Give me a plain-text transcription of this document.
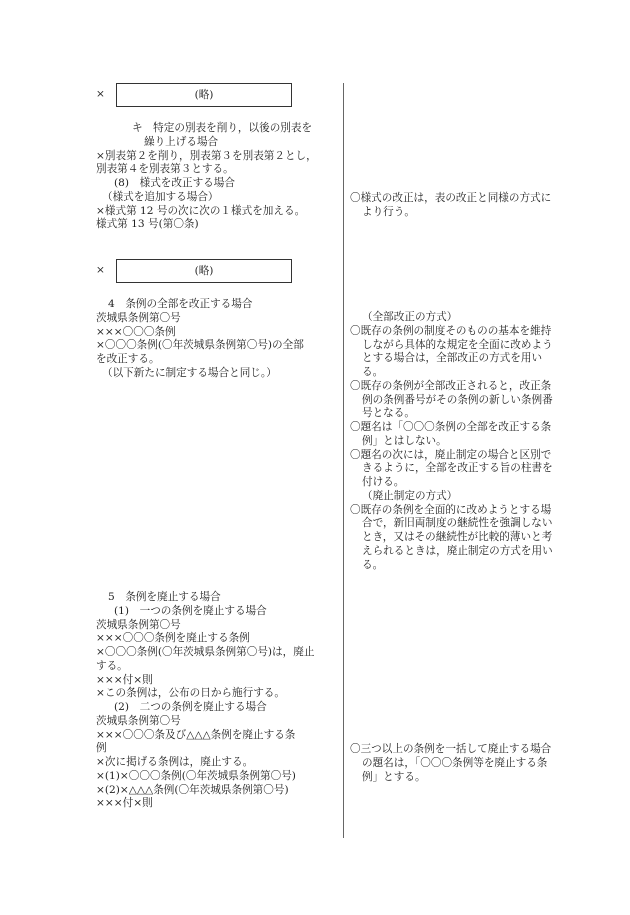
×	(略)
キ　特定の別表を削り，以後の別表を
繰り上げる場合
×別表第２を削り，別表第３を別表第２とし，
別表第４を別表第３とする。
(8)　様式を改正する場合
（様式を追加する場合）
×様式第 12 号の次に次の１様式を加える。
様式第 13 号(第〇条)
×	(略)
4　条例の全部を改正する場合
茨城県条例第〇号
×××〇〇〇条例
×〇〇〇条例(〇年茨城県条例第〇号)の全部
を改正する。
（以下新たに制定する場合と同じ。）
5　条例を廃止する場合
(1)　一つの条例を廃止する場合
茨城県条例第〇号
×××〇〇〇条例を廃止する条例
×〇〇〇条例(〇年茨城県条例第〇号)は，廃止
する。
×××付×則
×この条例は，公布の日から施行する。
(2)　二つの条例を廃止する場合
茨城県条例第〇号
×××〇〇〇条及び△△△条例を廃止する条
例
×次に掲げる条例は，廃止する。
×(1)×〇〇〇条例(〇年茨城県条例第〇号)
×(2)×△△△条例(〇年茨城県条例第〇号)
×××付×則

〇様式の改正は，表の改正と同様の方式により行う。

（全部改正の方式）

〇既存の条例の制度そのものの基本を維持しながら具体的な規定を全面に改めようとする場合は，全部改正の方式を用いる。

〇既存の条例が全部改正されると，改正条例の条例番号がその条例の新しい条例番号となる。

〇題名は「〇〇〇条例の全部を改正する条例」とはしない。

〇題名の次には，廃止制定の場合と区別できるように，全部を改正する旨の柱書を付ける。

（廃止制定の方式）

〇既存の条例を全面的に改めようとする場合で，新旧両制度の継続性を強調しないとき，又はその継続性が比較的薄いと考えられるときは，廃止制定の方式を用いる。

〇三つ以上の条例を一括して廃止する場合の題名は，「〇〇〇条例等を廃止する条例」とする。
